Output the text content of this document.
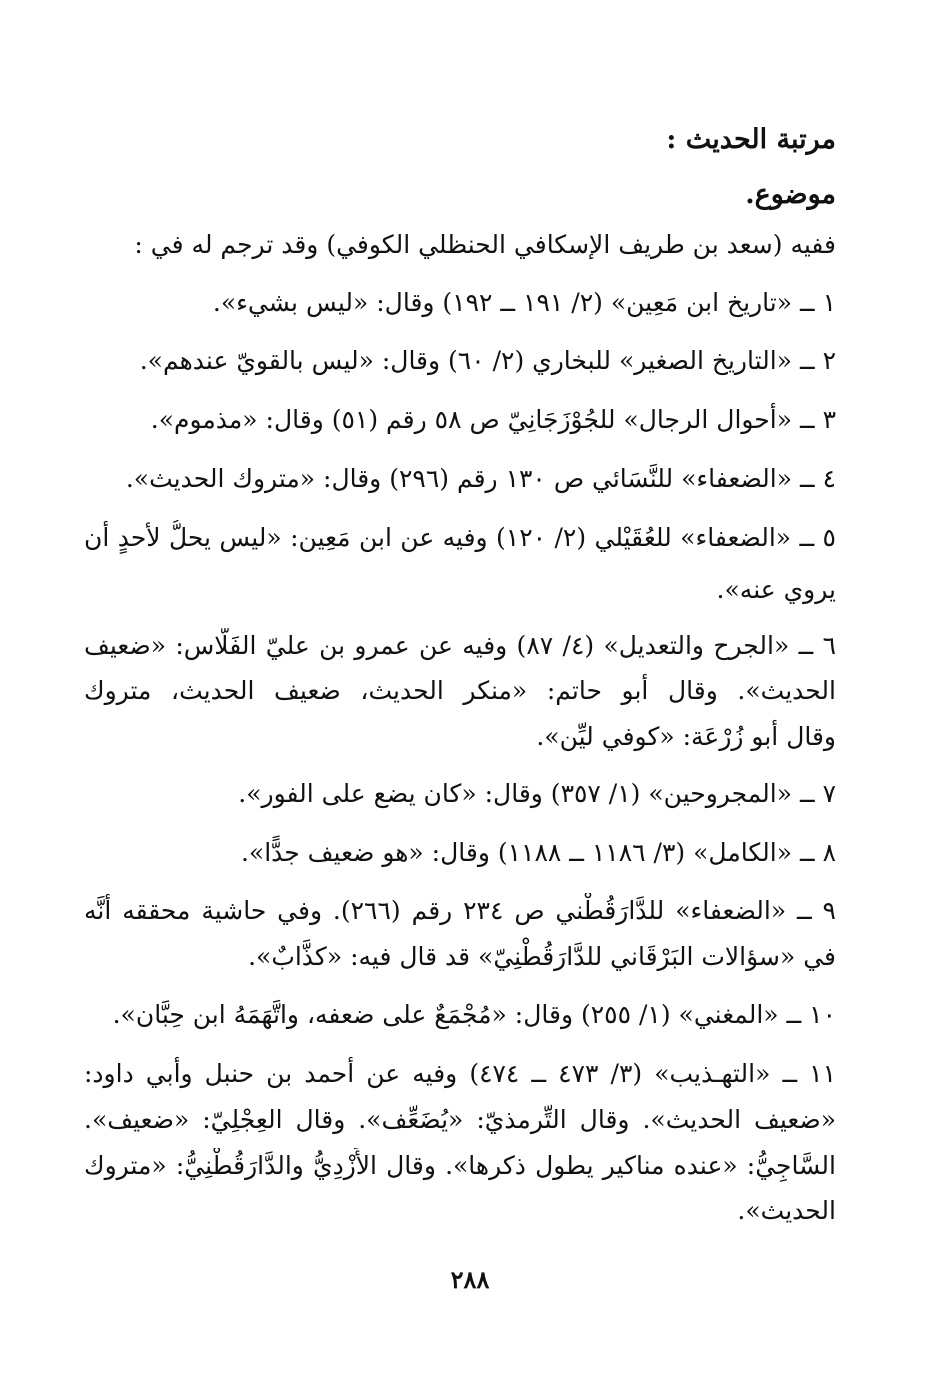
مرتبة الحديث :
موضوع.
ففيه (سعد بن طريف الإسكافي الحنظلي الكوفي) وقد ترجم له في :
١ ــ «تاريخ ابن مَعِين» (٢/ ١٩١ ــ ١٩٢) وقال: «ليس بشيء».
٢ ــ «التاريخ الصغير» للبخاري (٢/ ٦٠) وقال: «ليس بالقويّ عندهم».
٣ ــ «أحوال الرجال» للجُوْزَجَانِيّ ص ٥٨ رقم (٥١) وقال: «مذموم».
٤ ــ «الضعفاء» للنَّسَائي ص ١٣٠ رقم (٢٩٦) وقال: «متروك الحديث».
٥ ــ «الضعفاء» للعُقَيْلي (٢/ ١٢٠) وفيه عن ابن مَعِين: «ليس يحلُّ لأحدٍ أن
يروي عنه».
٦ ــ «الجرح والتعديل» (٤/ ٨٧) وفيه عن عمرو بن عليّ الفَلَّاس: «ضعيف
الحديث». وقال أبو حاتم: «منكر الحديث، ضعيف الحديث، متروك
وقال أبو زُرْعَة: «كوفي ليِّن».
٧ ــ «المجروحين» (١/ ٣٥٧) وقال: «كان يضع على الفور».
٨ ــ «الكامل» (٣/ ١١٨٦ ــ ١١٨٨) وقال: «هو ضعيف جدًّا».
٩ ــ «الضعفاء» للدَّارَقُطْني ص ٢٣٤ رقم (٢٦٦). وفي حاشية محققه أنَّه
في «سؤالات البَرْقَاني للدَّارَقُطْنِيّ» قد قال فيه: «كذَّابٌ».
١٠ ــ «المغني» (١/ ٢٥٥) وقال: «مُجْمَعٌ على ضعفه، واتَّهَمَهُ ابن حِبَّان».
١١ ــ «التهـذيب» (٣/ ٤٧٣ ــ ٤٧٤) وفيه عن أحمد بن حنبل وأبي داود:
«ضعيف الحديث». وقال التِّرمذيّ: «يُضَعِّف». وقال العِجْلِيّ: «ضعيف».
السَّاجِيُّ: «عنده مناكير يطول ذكرها». وقال الأَزْدِيُّ والدَّارَقُطْنِيُّ: «متروك
الحديث».
٢٨٨
